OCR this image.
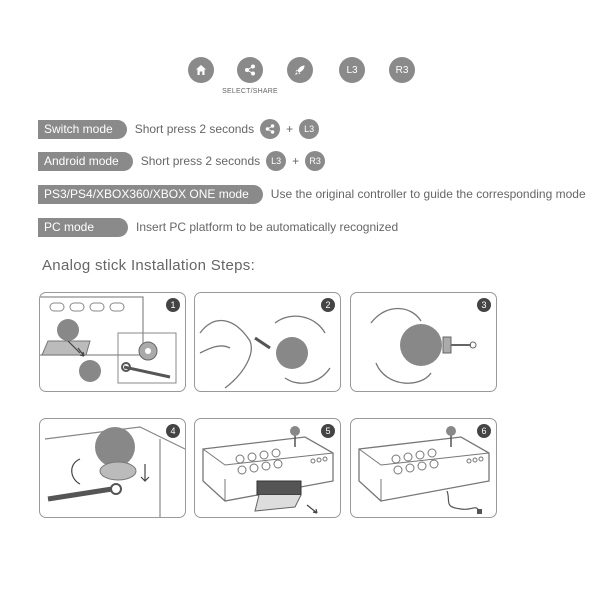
L3	R3
SELECT/SHARE
Switch mode	Short press 2 seconds	+	L3
Android mode	Short press 2 seconds	L3 +	R3
PS3/PS4/XBOX360/XBOX ONE mode	Use the original controller to guide the corresponding mode
PC mode	Insert PC platform to be automatically recognized
Analog stick Installation Steps:
1	2	3
4	5	6
